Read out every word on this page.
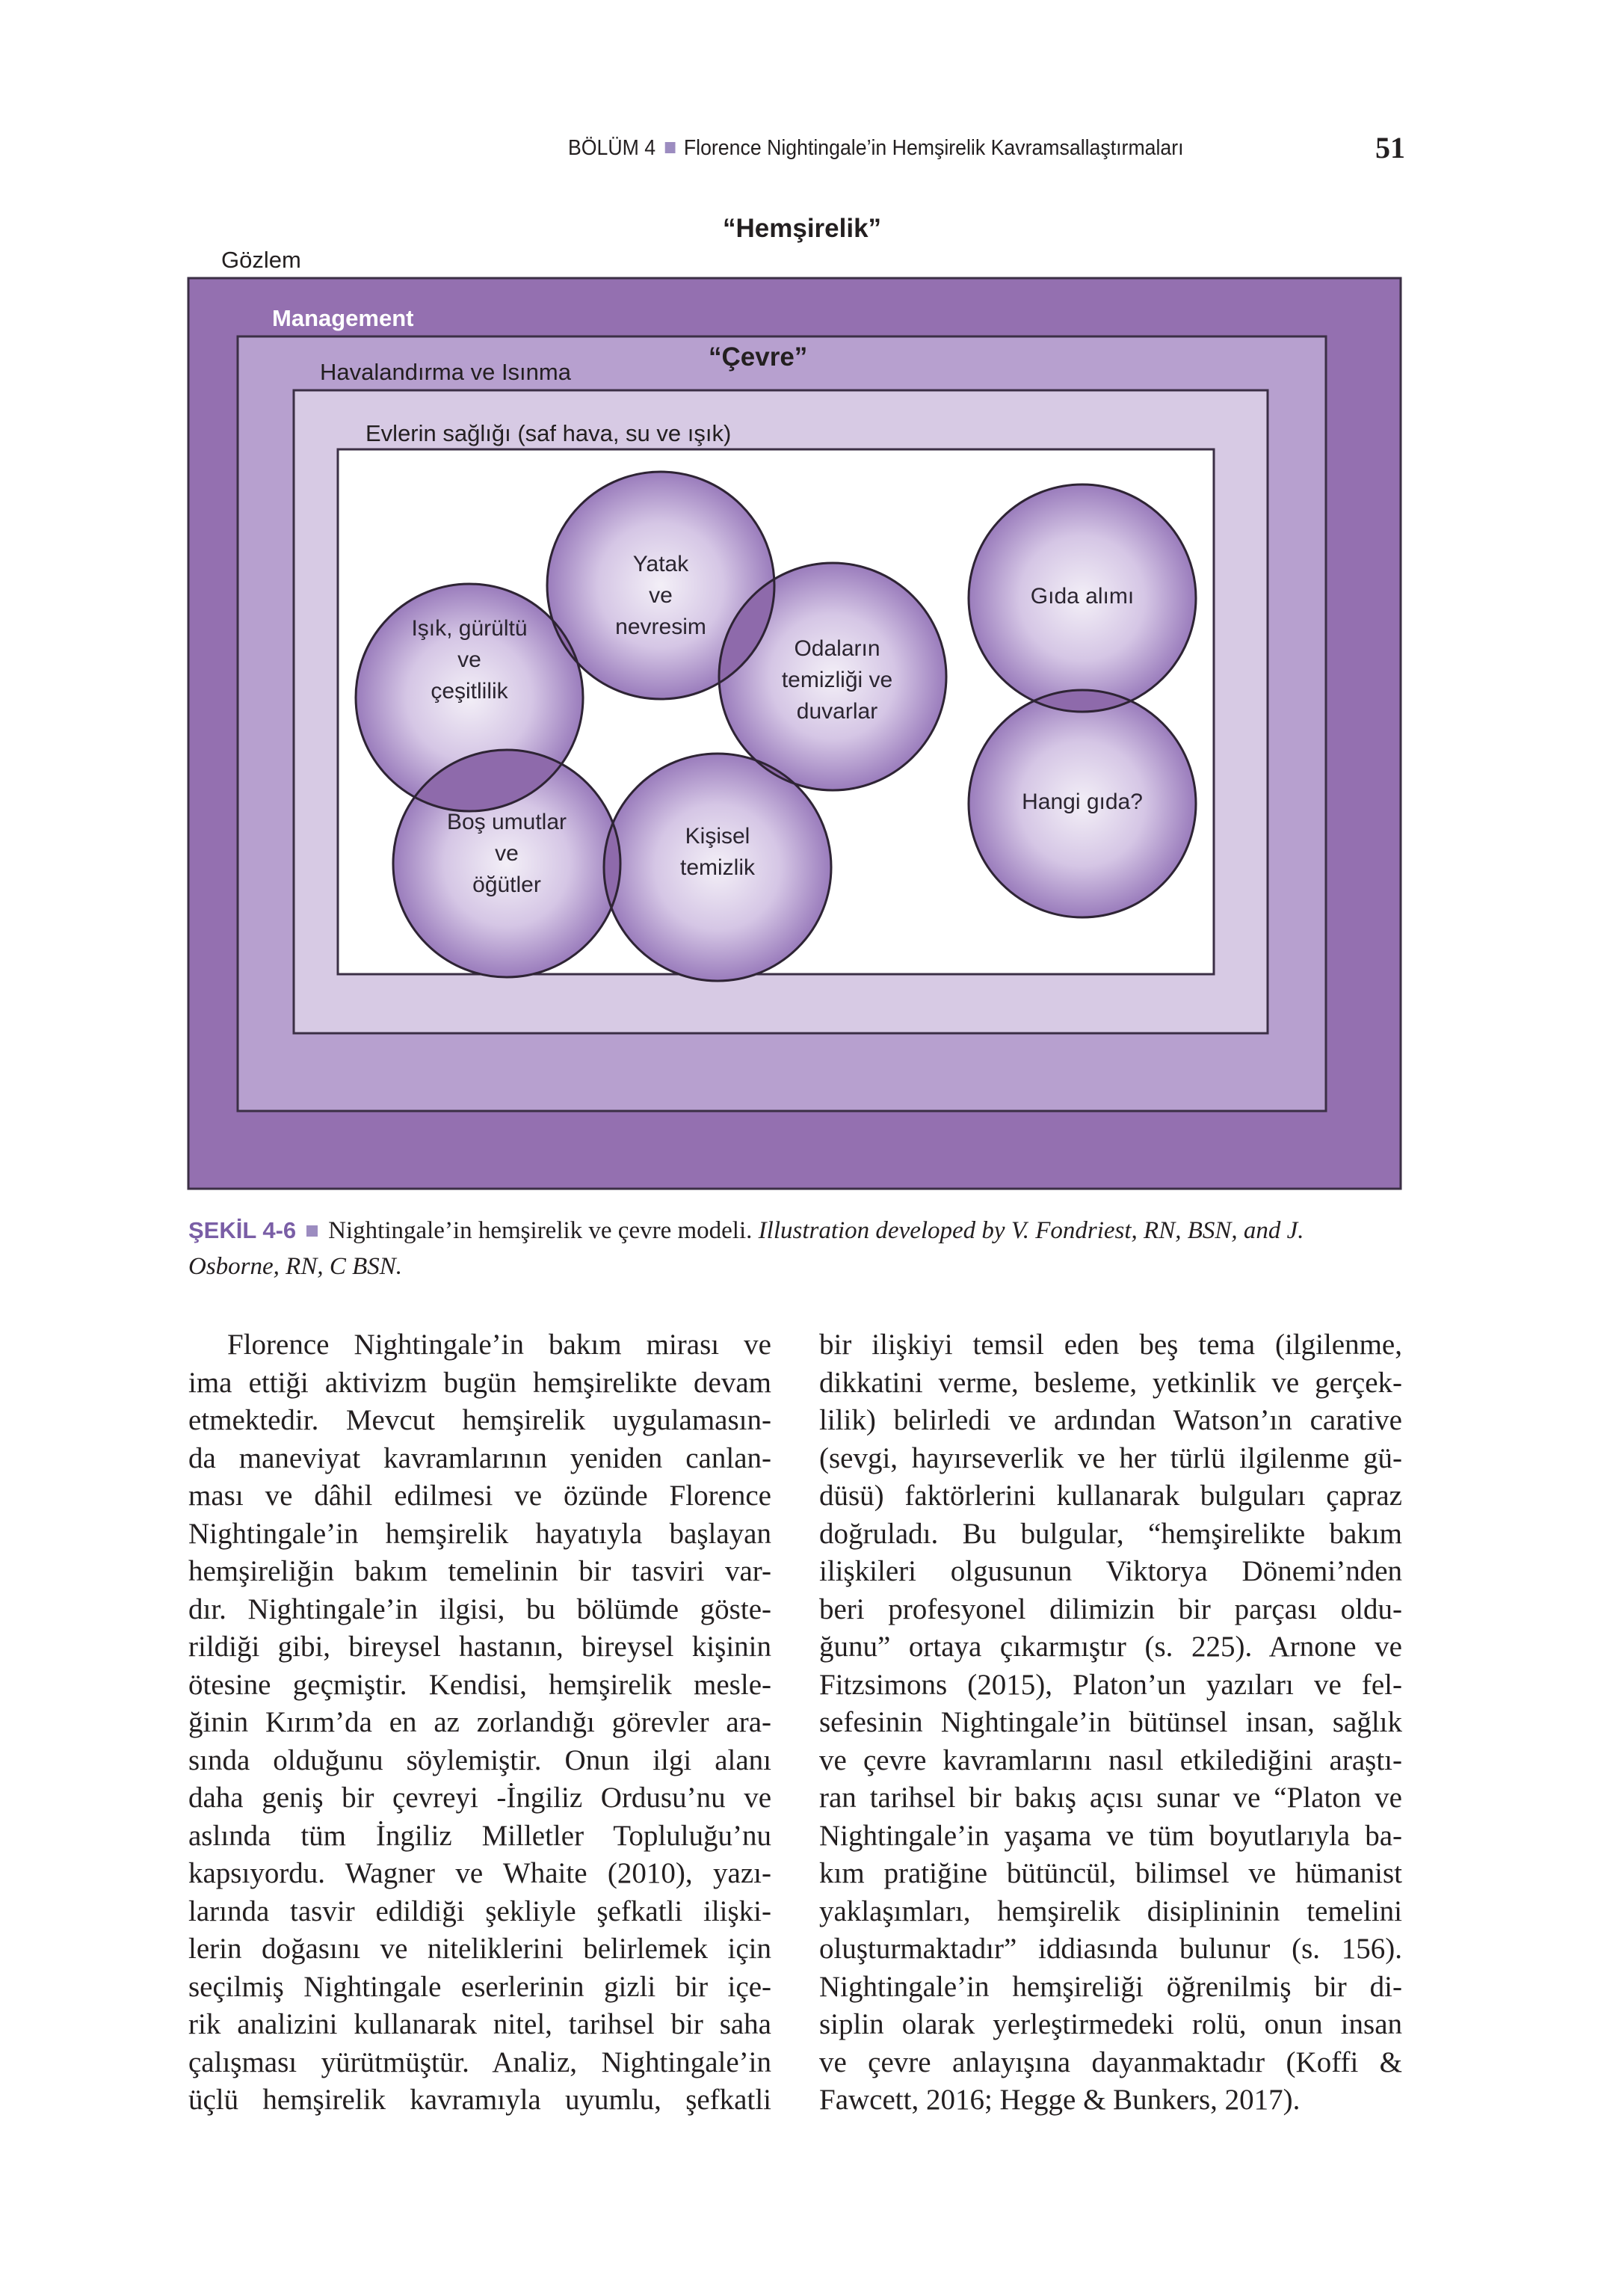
BÖLÜM 4 Florence Nightingale’in Hemşirelik Kavramsallaştırmaları	51
“Hemşirelik”
Gözlem
Management
Havalandırma ve Isınma
“Çevre”
Evlerin sağlığı (saf hava, su ve ışık)
Işık, gürültü
ve
çeşitlilik
Yatak
ve
nevresim
Odaların
temizliği ve
duvarlar
Boş umutlar
ve
öğütler
Kişisel
temizlik
Gıda alımı
Hangi gıda?
ŞEKİL 4-6 Nightingale’in hemşirelik ve çevre modeli. Illustration developed by V. Fondriest, RN, BSN, and J.
Osborne, RN, C BSN.
Florence Nightingale’in bakım mirası ve
ima ettiği aktivizm bugün hemşirelikte devam
etmektedir. Mevcut hemşirelik uygulamasın-
da maneviyat kavramlarının yeniden canlan-
ması ve dâhil edilmesi ve özünde Florence
Nightingale’in hemşirelik hayatıyla başlayan
hemşireliğin bakım temelinin bir tasviri var-
dır. Nightingale’in ilgisi, bu bölümde göste-
rildiği gibi, bireysel hastanın, bireysel kişinin
ötesine geçmiştir. Kendisi, hemşirelik mesle-
ğinin Kırım’da en az zorlandığı görevler ara-
sında olduğunu söylemiştir. Onun ilgi alanı
daha geniş bir çevreyi -İngiliz Ordusu’nu ve
aslında tüm İngiliz Milletler Topluluğu’nu
kapsıyordu. Wagner ve Whaite (2010), yazı-
larında tasvir edildiği şekliyle şefkatli ilişki-
lerin doğasını ve niteliklerini belirlemek için
seçilmiş Nightingale eserlerinin gizli bir içe-
rik analizini kullanarak nitel, tarihsel bir saha
çalışması yürütmüştür. Analiz, Nightingale’in
üçlü hemşirelik kavramıyla uyumlu, şefkatli
bir ilişkiyi temsil eden beş tema (ilgilenme,
dikkatini verme, besleme, yetkinlik ve gerçek-
lilik) belirledi ve ardından Watson’ın carative
(sevgi, hayırseverlik ve her türlü ilgilenme gü-
düsü) faktörlerini kullanarak bulguları çapraz
doğruladı. Bu bulgular, “hemşirelikte bakım
ilişkileri olgusunun Viktorya Dönemi’nden
beri profesyonel dilimizin bir parçası oldu-
ğunu” ortaya çıkarmıştır (s. 225). Arnone ve
Fitzsimons (2015), Platon’un yazıları ve fel-
sefesinin Nightingale’in bütünsel insan, sağlık
ve çevre kavramlarını nasıl etkilediğini araştı-
ran tarihsel bir bakış açısı sunar ve “Platon ve
Nightingale’in yaşama ve tüm boyutlarıyla ba-
kım pratiğine bütüncül, bilimsel ve hümanist
yaklaşımları, hemşirelik disiplininin temelini
oluşturmaktadır” iddiasında bulunur (s. 156).
Nightingale’in hemşireliği öğrenilmiş bir di-
siplin olarak yerleştirmedeki rolü, onun insan
ve çevre anlayışına dayanmaktadır (Koffi &
Fawcett, 2016; Hegge & Bunkers, 2017).
